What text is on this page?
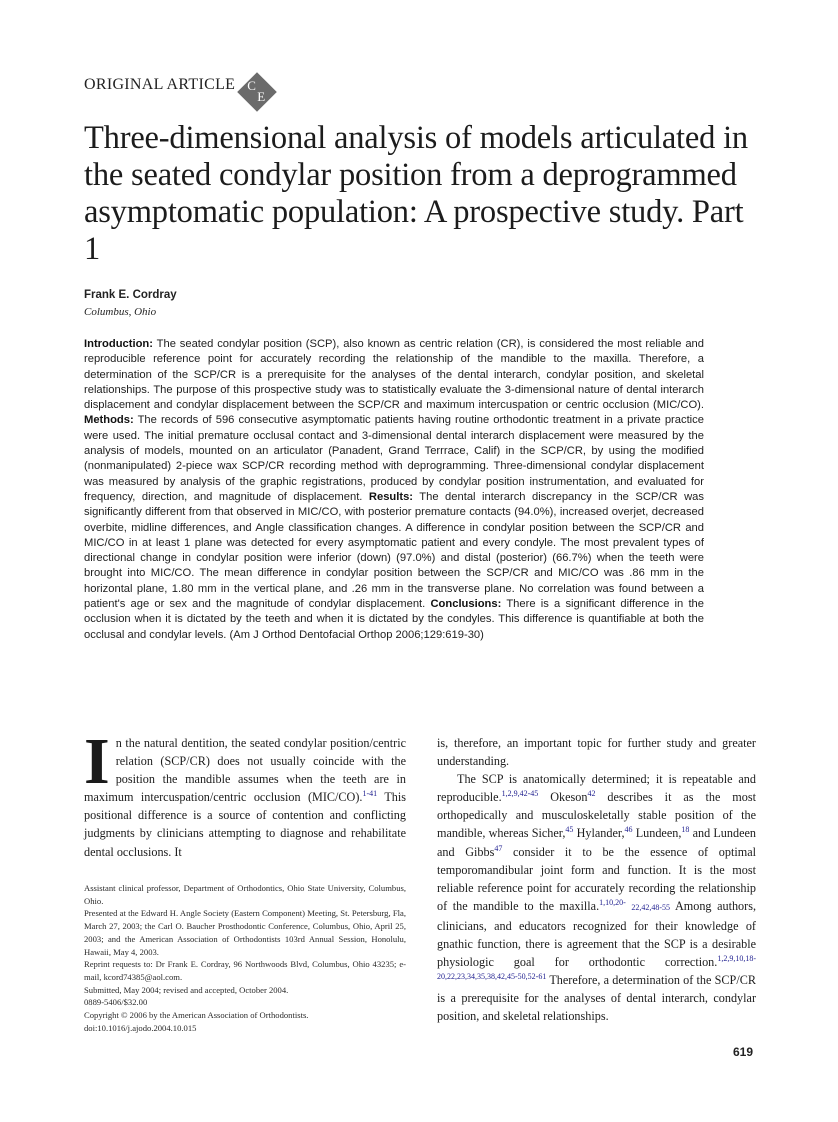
ORIGINAL ARTICLE C
E
Three-dimensional analysis of models articulated in the seated condylar position from a deprogrammed asymptomatic population: A prospective study. Part 1
Frank E. Cordray
Columbus, Ohio

Introduction: The seated condylar position (SCP), also known as centric relation (CR), is considered the most reliable and reproducible reference point for accurately recording the relationship of the mandible to the maxilla. Therefore, a determination of the SCP/CR is a prerequisite for the analyses of the dental interarch, condylar position, and skeletal relationships. The purpose of this prospective study was to statistically evaluate the 3-dimensional nature of dental interarch displacement and condylar displacement between the SCP/CR and maximum intercuspation or centric occlusion (MIC/CO). Methods: The records of 596 consecutive asymptomatic patients having routine orthodontic treatment in a private practice were used. The initial premature occlusal contact and 3-dimensional dental interarch displacement were measured by the analysis of models, mounted on an articulator (Panadent, Grand Terrrace, Calif) in the SCP/CR, by using the modified (nonmanipulated) 2-piece wax SCP/CR recording method with deprogramming. Three-dimensional condylar displacement was measured by analysis of the graphic registrations, produced by condylar position instrumentation, and evaluated for frequency, direction, and magnitude of displacement. Results: The dental interarch discrepancy in the SCP/CR was significantly different from that observed in MIC/CO, with posterior premature contacts (94.0%), increased overjet, decreased overbite, midline differences, and Angle classification changes. A difference in condylar position between the SCP/CR and MIC/CO in at least 1 plane was detected for every asymptomatic patient and every condyle. The most prevalent types of directional change in condylar position were inferior (down) (97.0%) and distal (posterior) (66.7%) when the teeth were brought into MIC/CO. The mean difference in condylar position between the SCP/CR and MIC/CO was .86 mm in the horizontal plane, 1.80 mm in the vertical plane, and .26 mm in the transverse plane. No correlation was found between a patient's age or sex and the magnitude of condylar displacement. Conclusions: There is a significant difference in the occlusion when it is dictated by the teeth and when it is dictated by the condyles. This difference is quantifiable at both the occlusal and condylar levels. (Am J Orthod Dentofacial Orthop 2006;129:619-30)

In the natural dentition, the seated condylar position/centric relation (SCP/CR) does not usually coincide with the position the mandible assumes when the teeth are in maximum intercuspation/centric occlusion (MIC/CO).$^{1-41}$ This positional difference is a source of contention and conflicting judgments by clinicians attempting to diagnose and rehabilitate dental occlusions. It

Assistant clinical professor, Department of Orthodontics, Ohio State University, Columbus, Ohio.
Presented at the Edward H. Angle Society (Eastern Component) Meeting, St. Petersburg, Fla, March 27, 2003; the Carl O. Baucher Prosthodontic Conference, Columbus, Ohio, April 25, 2003; and the American Association of Orthodontists 103rd Annual Session, Honolulu, Hawaii, May 4, 2003.
Reprint requests to: Dr Frank E. Cordray, 96 Northwoods Blvd, Columbus, Ohio 43235; e-mail, kcord74385@aol.com.
Submitted, May 2004; revised and accepted, October 2004.
0889-5406/$32.00
Copyright © 2006 by the American Association of Orthodontists.
doi:10.1016/j.ajodo.2004.10.015

is, therefore, an important topic for further study and greater understanding.

The SCP is anatomically determined; it is repeatable and reproducible.$^{1,2,9,42-45}$ Okeson$^{42}$ describes it as the most orthopedically and musculoskeletally stable position of the mandible, whereas Sicher,$^{45}$ Hylander,$^{46}$ Lundeen,$^{18}$ and Lundeen and Gibbs$^{47}$ consider it to be the essence of optimal temporomandibular joint form and function. It is the most reliable reference point for accurately recording the relationship of the mandible to the maxilla.$^{1,10,20-}$ 22,42,48-55 Among authors, clinicians, and educators recognized for their knowledge of gnathic function, there is agreement that the SCP is a desirable physiologic goal for orthodontic correction.$^{1,2,9,10,18-20,22,23,34,35,38,42,45-50,52-61}$ Therefore, a determination of the SCP/CR is a prerequisite for the analyses of dental interarch, condylar position, and skeletal relationships.

619
